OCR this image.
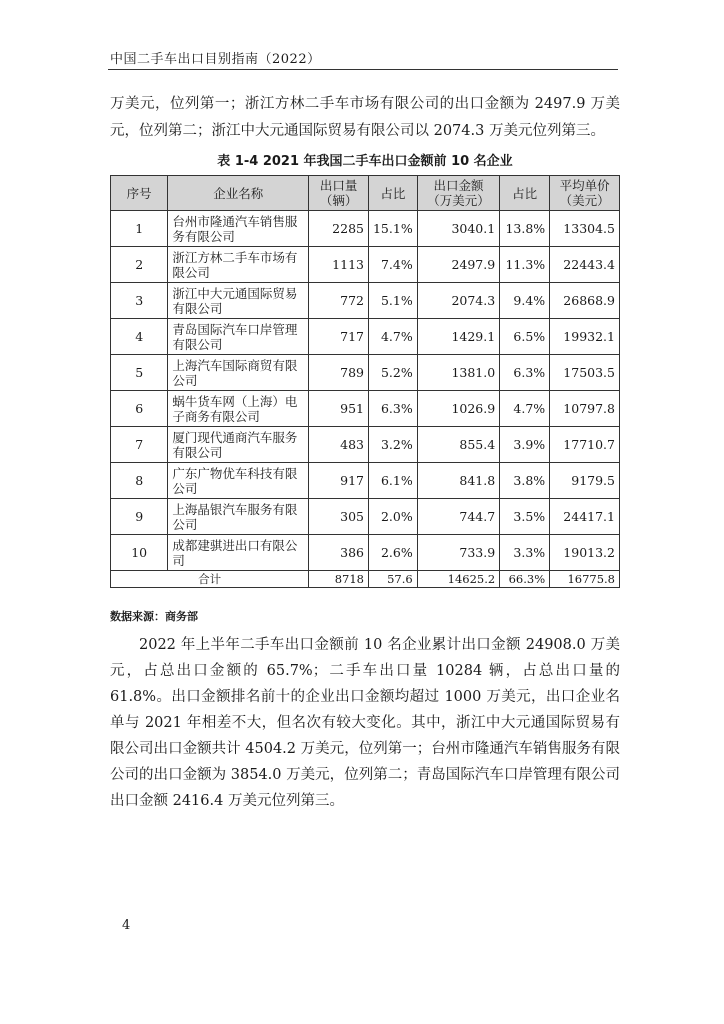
中国二手车出口目别指南（2022）
万美元，位列第一；浙江方林二手车市场有限公司的出口金额为 2497.9 万美元，位列第二；浙江中大元通国际贸易有限公司以 2074.3 万美元位列第三。
表 1-4 2021 年我国二手车出口金额前 10 名企业
序号	企业名称	出口量（辆）	占比	出口金额（万美元）	占比	平均单价（美元）
1	台州市隆通汽车销售服务有限公司	2285	15.1%	3040.1	13.8%	13304.5
2	浙江方林二手车市场有限公司	1113	7.4%	2497.9	11.3%	22443.4
3	浙江中大元通国际贸易有限公司	772	5.1%	2074.3	9.4%	26868.9
4	青岛国际汽车口岸管理有限公司	717	4.7%	1429.1	6.5%	19932.1
5	上海汽车国际商贸有限公司	789	5.2%	1381.0	6.3%	17503.5
6	蜗牛货车网（上海）电子商务有限公司	951	6.3%	1026.9	4.7%	10797.8
7	厦门现代通商汽车服务有限公司	483	3.2%	855.4	3.9%	17710.7
8	广东广物优车科技有限公司	917	6.1%	841.8	3.8%	9179.5
9	上海晶银汽车服务有限公司	305	2.0%	744.7	3.5%	24417.1
10	成都建骐进出口有限公司	386	2.6%	733.9	3.3%	19013.2
合计		8718	57.6	14625.2	66.3%	16775.8
数据来源：商务部
2022 年上半年二手车出口金额前 10 名企业累计出口金额 24908.0 万美元，占总出口金额的 65.7%；二手车出口量 10284 辆，占总出口量的 61.8%。出口金额排名前十的企业出口金额均超过 1000 万美元，出口企业名单与 2021 年相差不大，但名次有较大变化。其中，浙江中大元通国际贸易有限公司出口金额共计 4504.2 万美元，位列第一；台州市隆通汽车销售服务有限公司的出口金额为 3854.0 万美元，位列第二；青岛国际汽车口岸管理有限公司出口金额 2416.4 万美元位列第三。
4
